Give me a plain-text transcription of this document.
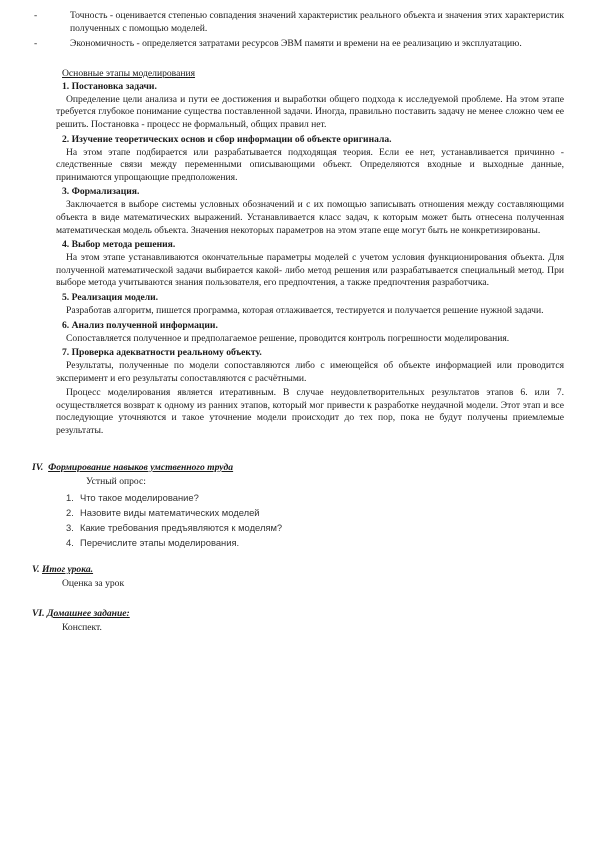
-	Точность - оценивается степенью совпадения значений характеристик реального объекта и значения этих характеристик полученных с помощью моделей.

-	Экономичность - определяется затратами ресурсов ЭВМ памяти и времени на ее реализацию и эксплуатацию.

Основные этапы моделирования
1. Постановка задачи.

Определение цели анализа и пути ее достижения и выработки общего подхода к исследуемой проблеме. На этом этапе требуется глубокое понимание существа поставленной задачи. Иногда, правильно поставить задачу не менее сложно чем ее решить. Постановка - процесс не формальный, общих правил нет.

2. Изучение теоретических основ и сбор информации об объекте оригинала.

На этом этапе подбирается или разрабатывается подходящая теория. Если ее нет, устанавливается причинно - следственные связи между переменными описывающими объект. Определяются входные и выходные данные, принимаются упрощающие предположения.

3. Формализация.

Заключается в выборе системы условных обозначений и с их помощью записывать отношения между составляющими объекта в виде математических выражений. Устанавливается класс задач, к которым может быть отнесена полученная математическая модель объекта. Значения некоторых параметров на этом этапе еще могут быть не конкретизированы.

4. Выбор метода решения.

На этом этапе устанавливаются окончательные параметры моделей с учетом условия функционирования объекта. Для полученной математической задачи выбирается какой- либо метод решения или разрабатывается специальный метод. При выборе метода учитываются знания пользователя, его предпочтения, а также предпочтения разработчика.

5. Реализация модели.

Разработав алгоритм, пишется программа, которая отлаживается, тестируется и получается решение нужной задачи.

6. Анализ полученной информации.

Сопоставляется полученное и предполагаемое решение, проводится контроль погрешности моделирования.

7. Проверка адекватности реальному объекту.

Результаты, полученные по модели сопоставляются либо с имеющейся об объекте информацией или проводится эксперимент и его результаты сопоставляются с расчётными.

Процесс моделирования является итеративным. В случае неудовлетворительных результатов этапов 6. или 7. осуществляется возврат к одному из ранних этапов, который мог привести к разработке неудачной модели. Этот этап и все последующие уточняются и такое уточнение модели происходит до тех пор, пока не будут получены приемлемые результаты.

IV. Формирование навыков умственного труда
Устный опрос:
1. Что такое моделирование?
2. Назовите виды математических моделей
3. Какие требования предъявляются к моделям?
4. Перечислите этапы моделирования.
V. Итог урока.
Оценка за урок
VI. Домашнее задание:
Конспект.
